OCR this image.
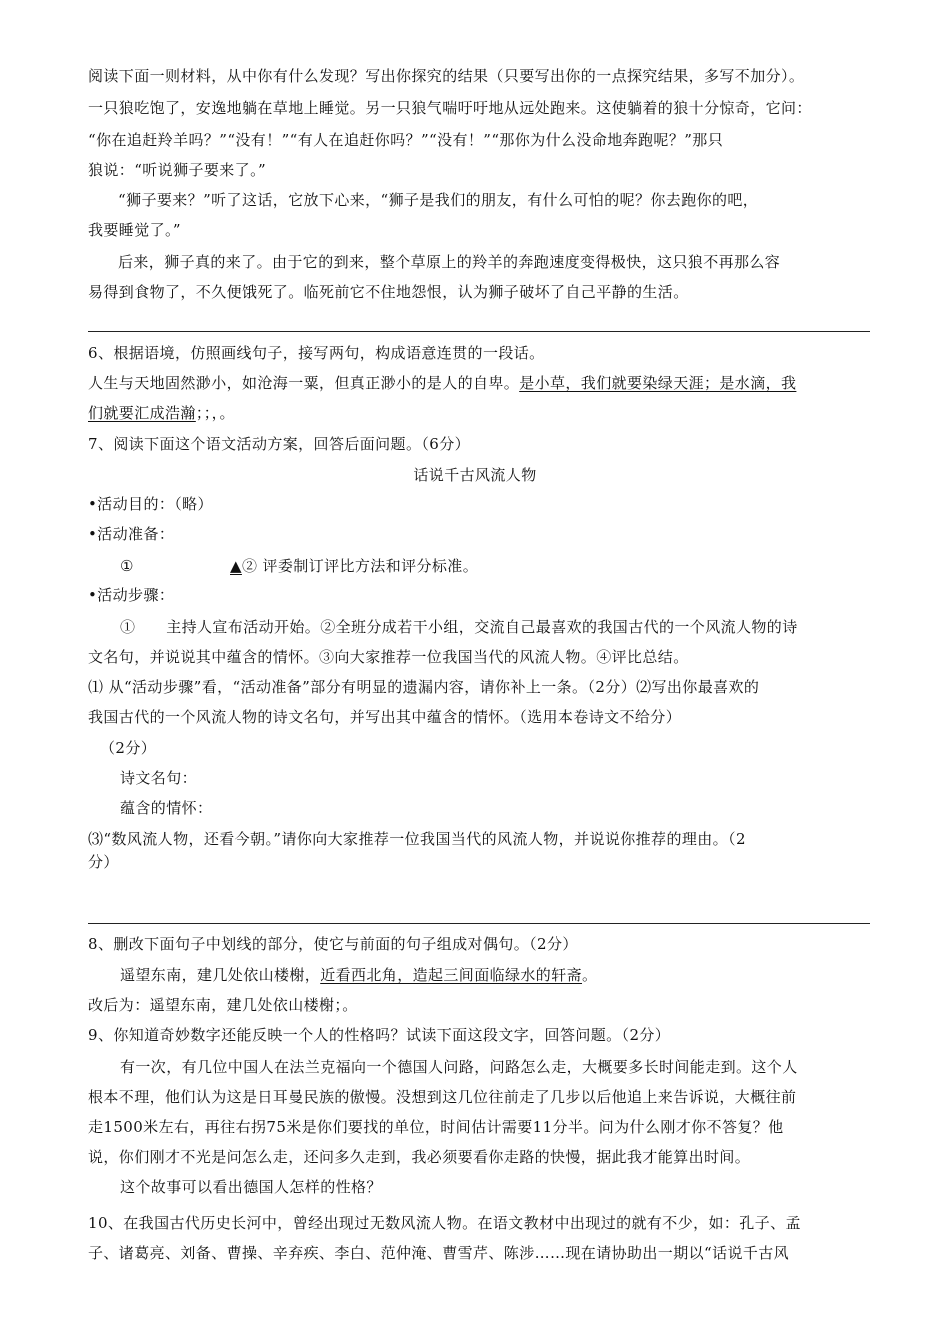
阅读下面一则材料，从中你有什么发现？写出你探究的结果（只要写出你的一点探究结果，多写不加分）。
一只狼吃饱了，安逸地躺在草地上睡觉。另一只狼气喘吁吁地从远处跑来。这使躺着的狼十分惊奇，它问：
“你在追赶羚羊吗？”“没有！”“有人在追赶你吗？”“没有！”“那你为什么没命地奔跑呢？”那只
狼说：“听说狮子要来了。”
“狮子要来？”听了这话，它放下心来，“狮子是我们的朋友，有什么可怕的呢？你去跑你的吧，
我要睡觉了。”
后来，狮子真的来了。由于它的到来，整个草原上的羚羊的奔跑速度变得极快，这只狼不再那么容
易得到食物了，不久便饿死了。临死前它不住地怨恨，认为狮子破坏了自己平静的生活。
6、根据语境，仿照画线句子，接写两句，构成语意连贯的一段话。
人生与天地固然渺小，如沧海一粟，但真正渺小的是人的自卑。是小草，我们就要染绿天涯；是水滴，我
们就要汇成浩瀚；；，。
7、阅读下面这个语文活动方案，回答后面问题。（6分）
话说千古风流人物
•活动目的：（略）
•活动准备：
①	▲② 评委制订评比方法和评分标准。
•活动步骤：
①　　主持人宣布活动开始。②全班分成若干小组，交流自己最喜欢的我国古代的一个风流人物的诗
文名句，并说说其中蕴含的情怀。③向大家推荐一位我国当代的风流人物。④评比总结。
⑴ 从“活动步骤”看，“活动准备”部分有明显的遗漏内容，请你补上一条。（2分）⑵写出你最喜欢的
我国古代的一个风流人物的诗文名句，并写出其中蕴含的情怀。（选用本卷诗文不给分）
（2分）
诗文名句：
蕴含的情怀：
⑶“数风流人物，还看今朝。”请你向大家推荐一位我国当代的风流人物，并说说你推荐的理由。（2
分）
8、删改下面句子中划线的部分，使它与前面的句子组成对偶句。（2分）
遥望东南，建几处依山楼榭，近看西北角，造起三间面临绿水的轩斋。
改后为：遥望东南，建几处依山楼榭；。
9、你知道奇妙数字还能反映一个人的性格吗？试读下面这段文字，回答问题。（2分）
有一次，有几位中国人在法兰克福向一个德国人问路，问路怎么走，大概要多长时间能走到。这个人
根本不理，他们认为这是日耳曼民族的傲慢。没想到这几位往前走了几步以后他追上来告诉说，大概往前
走1500米左右，再往右拐75米是你们要找的单位，时间估计需要11分半。问为什么刚才你不答复？他
说，你们刚才不光是问怎么走，还问多久走到，我必须要看你走路的快慢，据此我才能算出时间。
这个故事可以看出德国人怎样的性格？
10、在我国古代历史长河中，曾经出现过无数风流人物。在语文教材中出现过的就有不少，如：孔子、孟
子、诸葛亮、刘备、曹操、辛弃疾、李白、范仲淹、曹雪芹、陈涉……现在请协助出一期以“话说千古风
